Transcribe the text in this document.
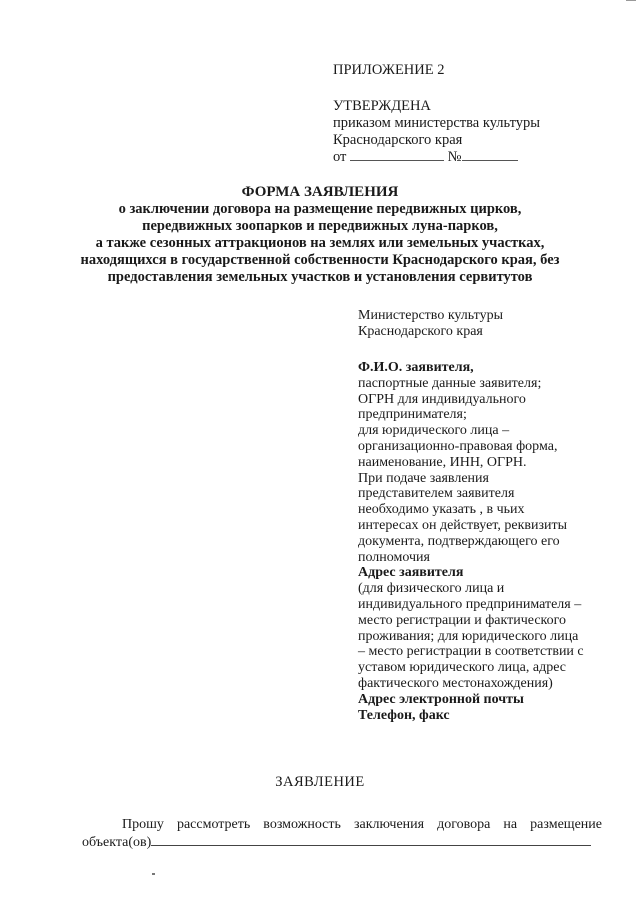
ПРИЛОЖЕНИЕ 2
УТВЕРЖДЕНА
приказом министерства культуры
Краснодарского края
от	№
ФОРМА ЗАЯВЛЕНИЯ
о заключении договора на размещение передвижных цирков,
передвижных зоопарков и передвижных луна-парков,
а также сезонных аттракционов на землях или земельных участках,
находящихся в государственной собственности Краснодарского края, без
предоставления земельных участков и установления сервитутов
Министерство культуры
Краснодарского края
Ф.И.О. заявителя,
паспортные данные заявителя;
ОГРН для индивидуального
предпринимателя;
для юридического лица –
организационно-правовая форма,
наименование, ИНН, ОГРН.
При подаче заявления
представителем заявителя
необходимо указать , в чьих
интересах он действует, реквизиты
документа, подтверждающего его
полномочия
Адрес заявителя
(для физического лица и
индивидуального предпринимателя –
место регистрации и фактического
проживания; для юридического лица
– место регистрации в соответствии с
уставом юридического лица, адрес
фактического местонахождения)
Адрес электронной почты
Телефон, факс
ЗАЯВЛЕНИЕ
Прошу рассмотреть возможность заключения договора на размещение
объекта(ов)
